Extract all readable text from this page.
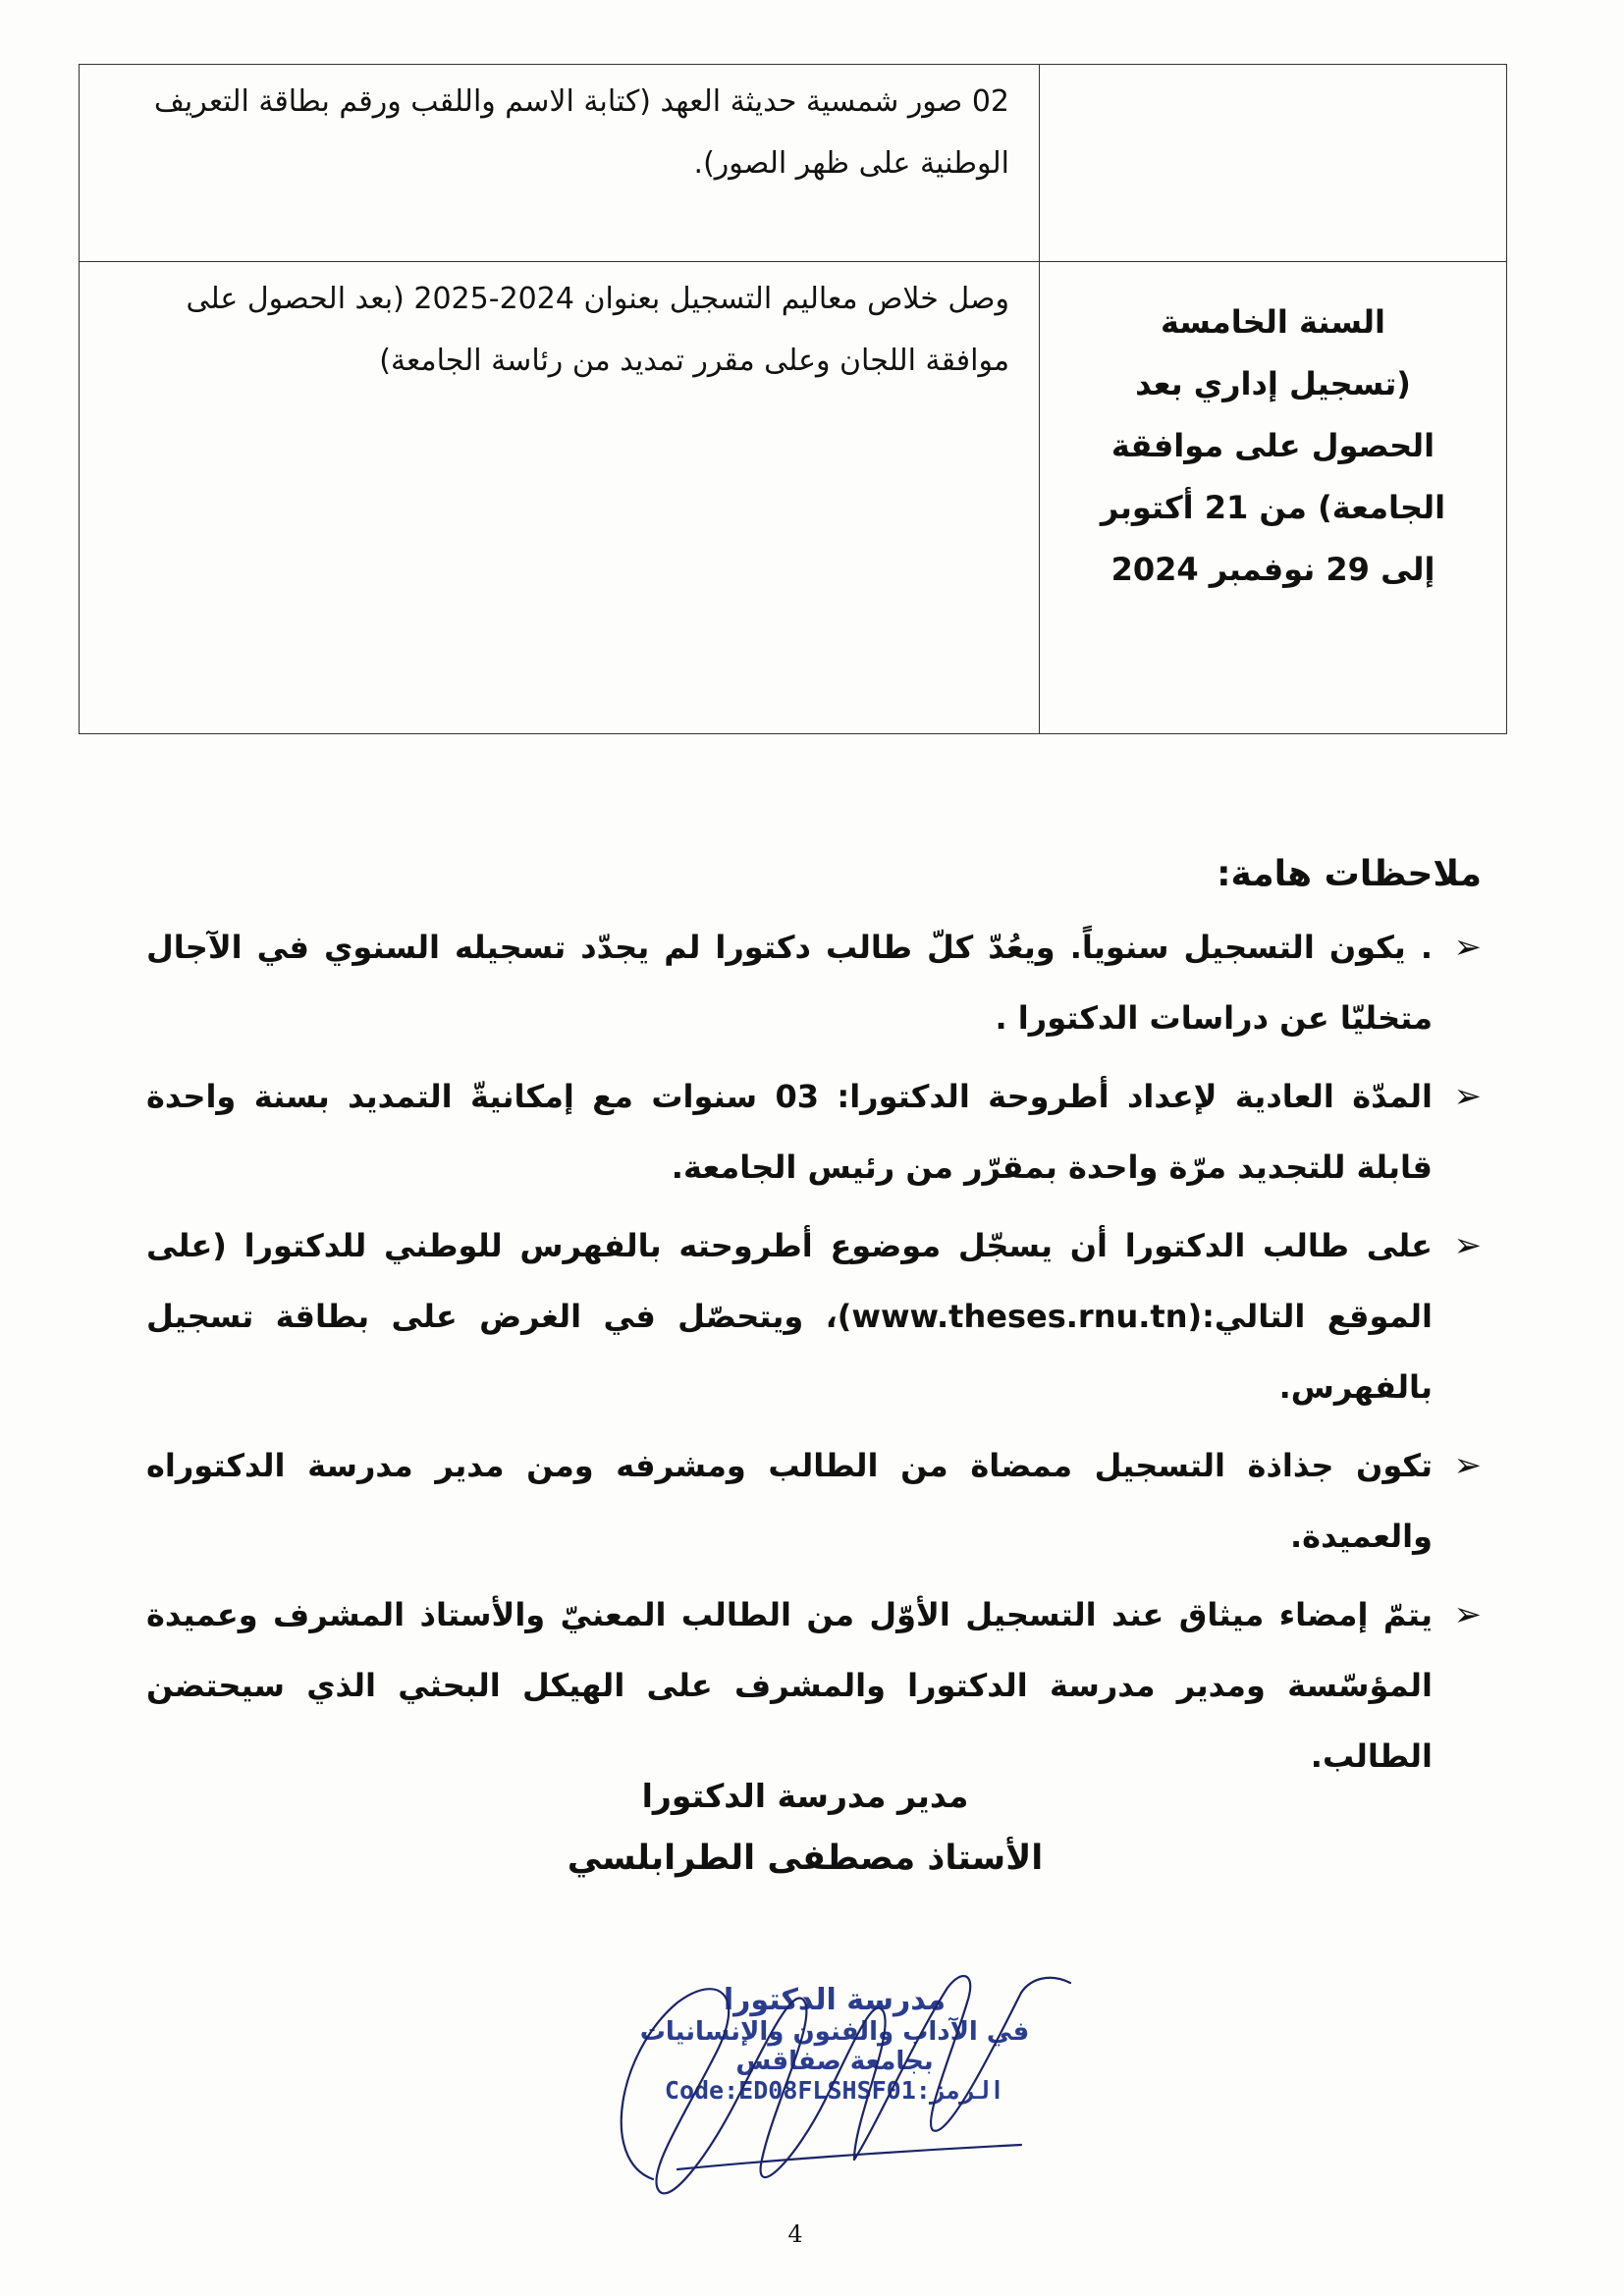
	02 صور شمسية حديثة العهد (كتابة الاسم واللقب ورقم بطاقة التعريف الوطنية على ظهر الصور).

السنة الخامسة
(تسجيل إداري بعد
الحصول على موافقة
الجامعة) من 21 أكتوبر
إلى 29 نوفمبر 2024	وصل خلاص معاليم التسجيل بعنوان 2024-2025 (بعد الحصول على موافقة اللجان وعلى مقرر تمديد من رئاسة الجامعة)

ملاحظات هامة:

➢
. يكون التسجيل سنوياً. ويعُدّ كلّ طالب دكتورا لم يجدّد تسجيله السنوي في الآجال متخليّا عن دراسات الدكتورا .
➢
المدّة العادية لإعداد أطروحة الدكتورا: 03 سنوات مع إمكانيةّ التمديد بسنة واحدة قابلة للتجديد مرّة واحدة بمقرّر من رئيس الجامعة.
➢
على طالب الدكتورا أن يسجّل موضوع أطروحته بالفهرس للوطني للدكتورا (على الموقع التالي:(www.theses.rnu.tn)، ويتحصّل في الغرض على بطاقة تسجيل بالفهرس.
➢
تكون جذاذة التسجيل ممضاة من الطالب ومشرفه ومن مدير مدرسة الدكتوراه والعميدة.
➢
يتمّ إمضاء ميثاق عند التسجيل الأوّل من الطالب المعنيّ والأستاذ المشرف وعميدة المؤسّسة ومدير مدرسة الدكتورا والمشرف على الهيكل البحثي الذي سيحتضن الطالب.

مدير مدرسة الدكتورا

الأستاذ مصطفى الطرابلسي

مدرسة الدكتورا
في الآداب والفنون والإنسانيات
بجامعة صفاقس
الرمز:Code:ED08FLSHSF01
4
